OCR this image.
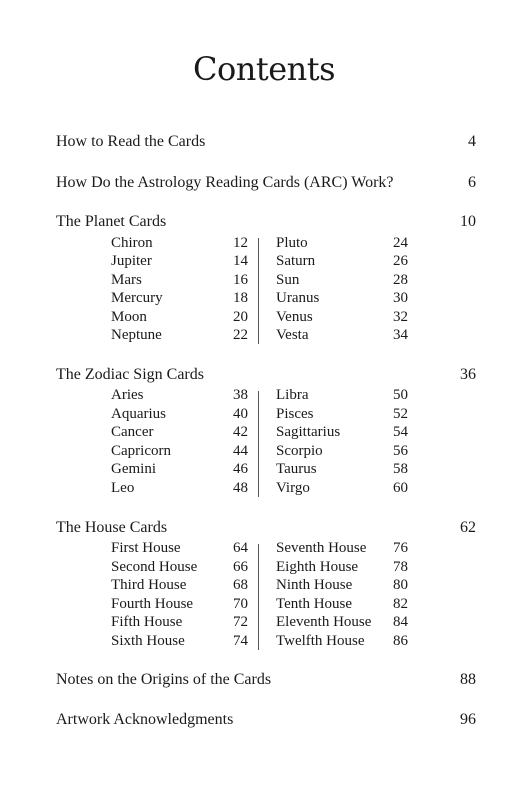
Contents
How to Read the Cards	4
How Do the Astrology Reading Cards (ARC) Work?	6
The Planet Cards	10
The Zodiac Sign Cards	36
The House Cards	62
Notes on the Origins of the Cards	88
Artwork Acknowledgments	96
Chiron	12
Jupiter	14
Mars	16
Mercury	18
Moon	20
Neptune	22
Pluto	24
Saturn	26
Sun	28
Uranus	30
Venus	32
Vesta	34
Aries	38
Aquarius	40
Cancer	42
Capricorn	44
Gemini	46
Leo	48
Libra	50
Pisces	52
Sagittarius	54
Scorpio	56
Taurus	58
Virgo	60
First House	64
Second House	66
Third House	68
Fourth House	70
Fifth House	72
Sixth House	74
Seventh House	76
Eighth House	78
Ninth House	80
Tenth House	82
Eleventh House	84
Twelfth House	86
